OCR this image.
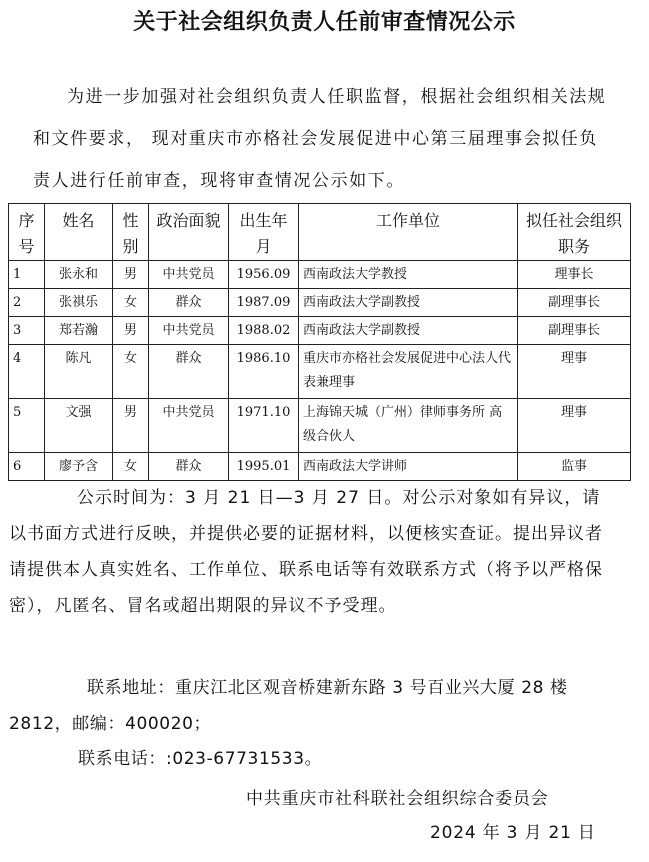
关于社会组织负责人任前审查情况公示

为进一步加强对社会组织负责人任职监督，根据社会组织相关法规和文件要求， 现对重庆市亦格社会发展促进中心第三届理事会拟任负责人进行任前审查，现将审查情况公示如下。

序号	姓名	性别	政治面貌	出生年月	工作单位	拟任社会组织职务
1	张永和	男	中共党员	1956.09	西南政法大学教授	理事长
2	张祺乐	女	群众	1987.09	西南政法大学副教授	副理事长
3	郑若瀚	男	中共党员	1988.02	西南政法大学副教授	副理事长
4	陈凡	女	群众	1986.10	重庆市亦格社会发展促进中心法人代表兼理事	理事
5	文强	男	中共党员	1971.10	上海锦天城（广州）律师事务所 高级合伙人	理事
6	廖予含	女	群众	1995.01	西南政法大学讲师	监事

公示时间为：3 月 21 日—3 月 27 日。对公示对象如有异议，请以书面方式进行反映，并提供必要的证据材料，以便核实查证。提出异议者请提供本人真实姓名、工作单位、联系电话等有效联系方式（将予以严格保密），凡匿名、冒名或超出期限的异议不予受理。

联系地址：重庆江北区观音桥建新东路 3 号百业兴大厦 28 楼 2812，邮编：400020；

联系电话：:023-67731533。

中共重庆市社科联社会组织综合委员会

2024 年 3 月 21 日
